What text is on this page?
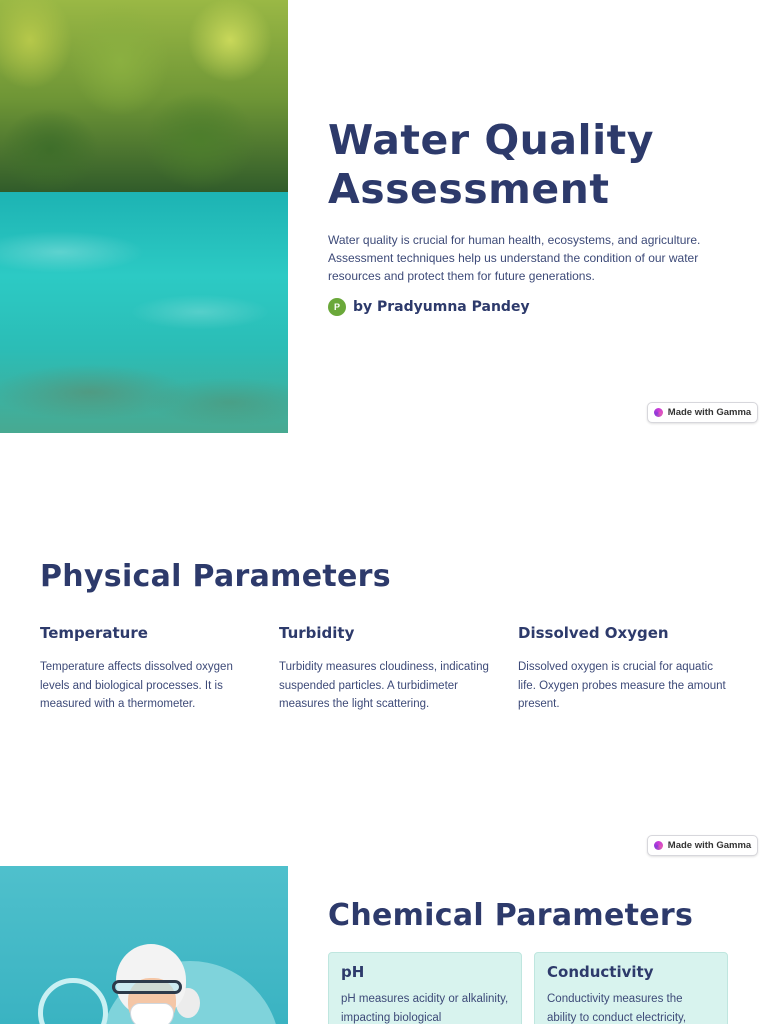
Water Quality
Assessment

Water quality is crucial for human health, ecosystems, and agriculture. Assessment techniques help us understand the condition of our water resources and protect them for future generations.

P by Pradyumna Pandey
Made with Gamma
Physical Parameters
Temperature

Temperature affects dissolved oxygen levels and biological processes. It is measured with a thermometer.

Turbidity

Turbidity measures cloudiness, indicating suspended particles. A turbidimeter measures the light scattering.

Dissolved Oxygen

Dissolved oxygen is crucial for aquatic life. Oxygen probes measure the amount present.

Made with Gamma
Chemical Parameters
pH

pH measures acidity or alkalinity, impacting biological

Conductivity

Conductivity measures the ability to conduct electricity,
